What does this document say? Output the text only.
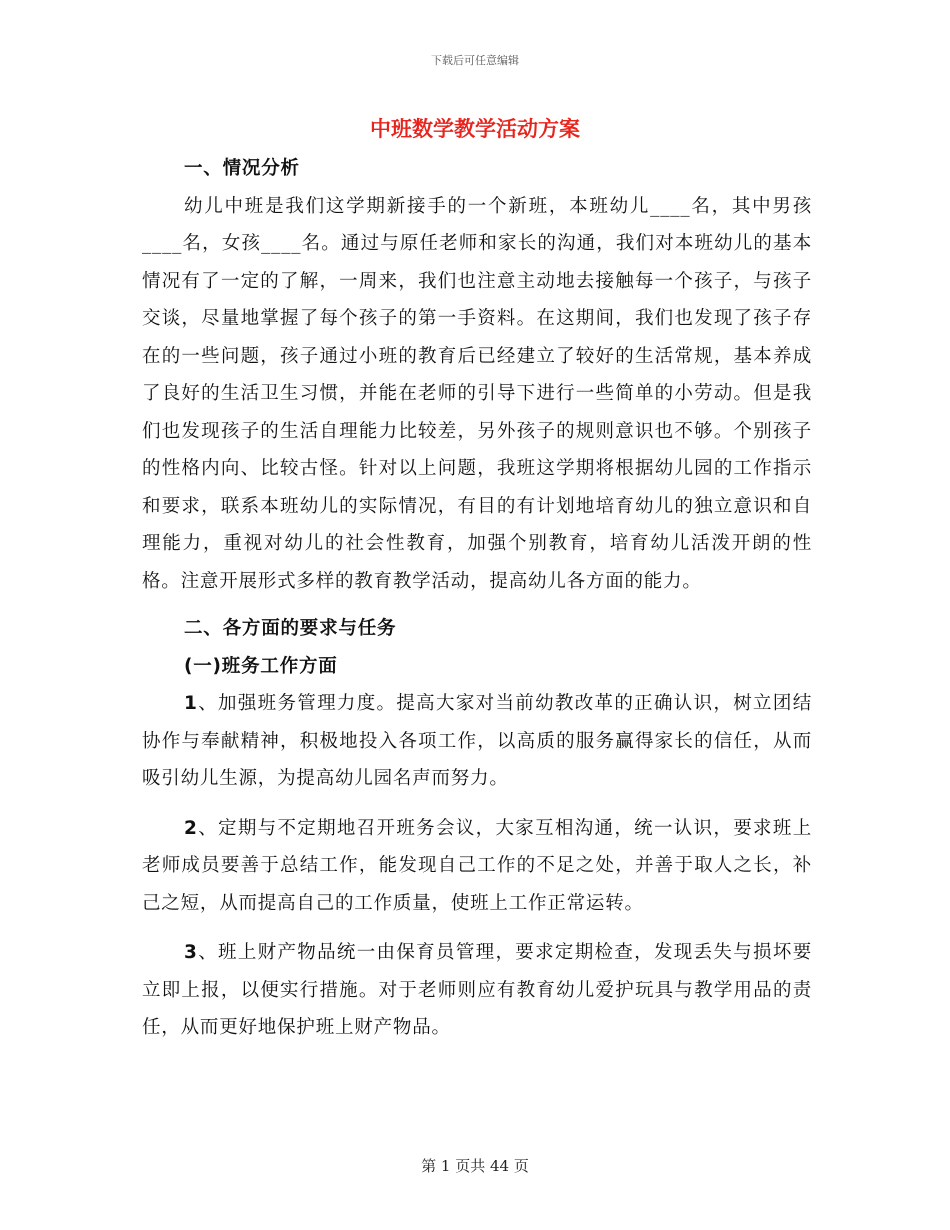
下载后可任意编辑
中班数学教学活动方案

一、情况分析

幼儿中班是我们这学期新接手的一个新班，本班幼儿____名，其中男孩____名，女孩____名。通过与原任老师和家长的沟通，我们对本班幼儿的基本情况有了一定的了解，一周来，我们也注意主动地去接触每一个孩子，与孩子交谈，尽量地掌握了每个孩子的第一手资料。在这期间，我们也发现了孩子存在的一些问题，孩子通过小班的教育后已经建立了较好的生活常规，基本养成了良好的生活卫生习惯，并能在老师的引导下进行一些简单的小劳动。但是我们也发现孩子的生活自理能力比较差，另外孩子的规则意识也不够。个别孩子的性格内向、比较古怪。针对以上问题，我班这学期将根据幼儿园的工作指示和要求，联系本班幼儿的实际情况，有目的有计划地培育幼儿的独立意识和自理能力，重视对幼儿的社会性教育，加强个别教育，培育幼儿活泼开朗的性格。注意开展形式多样的教育教学活动，提高幼儿各方面的能力。

二、各方面的要求与任务

(一)班务工作方面

1、加强班务管理力度。提高大家对当前幼教改革的正确认识，树立团结协作与奉献精神，积极地投入各项工作，以高质的服务赢得家长的信任，从而吸引幼儿生源，为提高幼儿园名声而努力。

2、定期与不定期地召开班务会议，大家互相沟通，统一认识，要求班上老师成员要善于总结工作，能发现自己工作的不足之处，并善于取人之长，补己之短，从而提高自己的工作质量，使班上工作正常运转。

3、班上财产物品统一由保育员管理，要求定期检查，发现丢失与损坏要立即上报，以便实行措施。对于老师则应有教育幼儿爱护玩具与教学用品的责任，从而更好地保护班上财产物品。

第 1 页共 44 页
